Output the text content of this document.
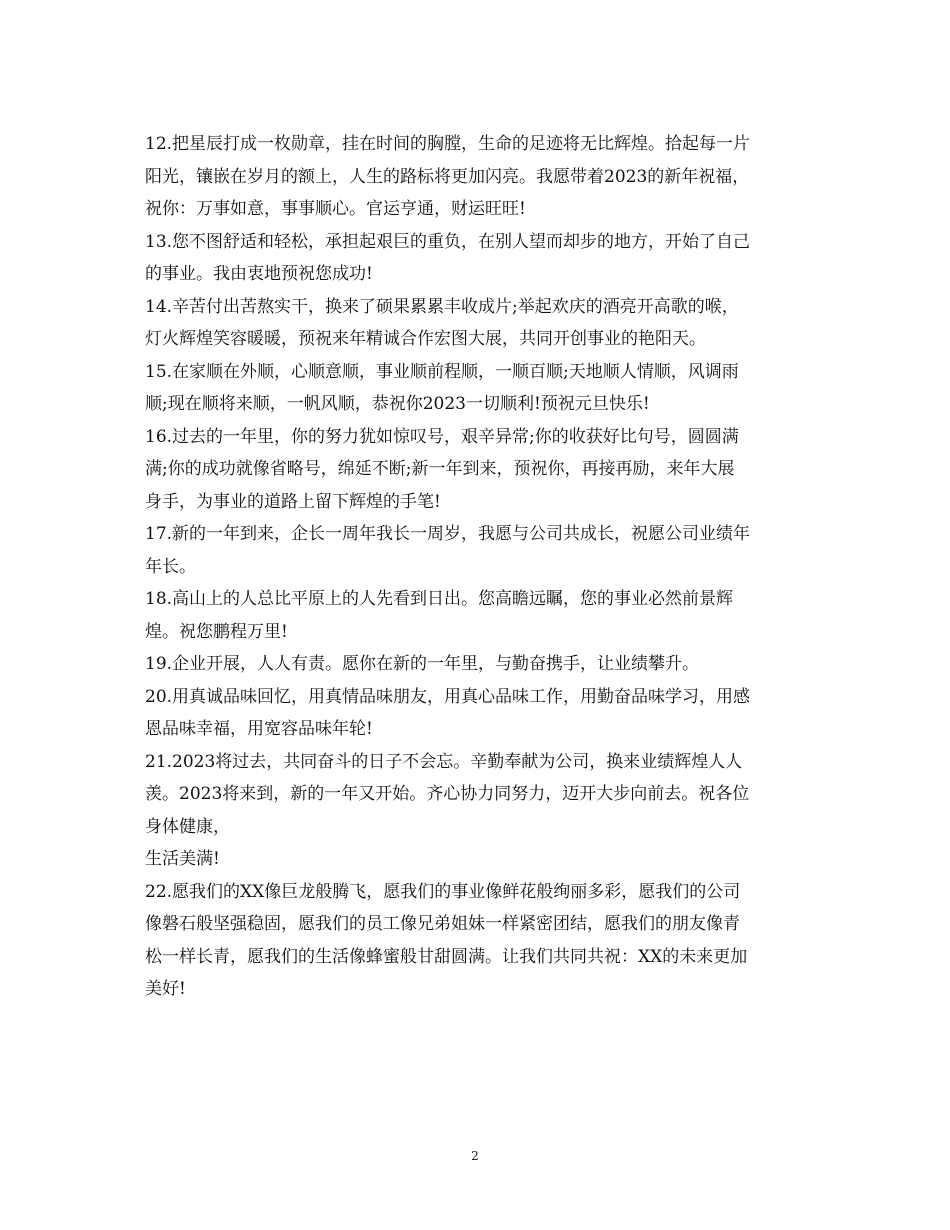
12.把星辰打成一枚勋章，挂在时间的胸膛，生命的足迹将无比辉煌。拾起每一片
阳光，镶嵌在岁月的额上，人生的路标将更加闪亮。我愿带着2023的新年祝福，
祝你：万事如意，事事顺心。官运亨通，财运旺旺!
13.您不图舒适和轻松，承担起艰巨的重负，在别人望而却步的地方，开始了自己
的事业。我由衷地预祝您成功!
14.辛苦付出苦熬实干，换来了硕果累累丰收成片;举起欢庆的酒亮开高歌的喉，
灯火辉煌笑容暖暖，预祝来年精诚合作宏图大展，共同开创事业的艳阳天。
15.在家顺在外顺，心顺意顺，事业顺前程顺，一顺百顺;天地顺人情顺，风调雨
顺;现在顺将来顺，一帆风顺，恭祝你2023一切顺利!预祝元旦快乐!
16.过去的一年里，你的努力犹如惊叹号，艰辛异常;你的收获好比句号，圆圆满
满;你的成功就像省略号，绵延不断;新一年到来，预祝你，再接再励，来年大展
身手，为事业的道路上留下辉煌的手笔!
17.新的一年到来，企长一周年我长一周岁，我愿与公司共成长，祝愿公司业绩年
年长。
18.高山上的人总比平原上的人先看到日出。您高瞻远瞩，您的事业必然前景辉
煌。祝您鹏程万里!
19.企业开展，人人有责。愿你在新的一年里，与勤奋携手，让业绩攀升。
20.用真诚品味回忆，用真情品味朋友，用真心品味工作，用勤奋品味学习，用感
恩品味幸福，用宽容品味年轮!
21.2023将过去，共同奋斗的日子不会忘。辛勤奉献为公司，换来业绩辉煌人人
羡。2023将来到，新的一年又开始。齐心协力同努力，迈开大步向前去。祝各位
身体健康，
生活美满!
22.愿我们的XX像巨龙般腾飞，愿我们的事业像鲜花般绚丽多彩，愿我们的公司
像磐石般坚强稳固，愿我们的员工像兄弟姐妹一样紧密团结，愿我们的朋友像青
松一样长青，愿我们的生活像蜂蜜般甘甜圆满。让我们共同共祝：XX的未来更加
美好!
2
